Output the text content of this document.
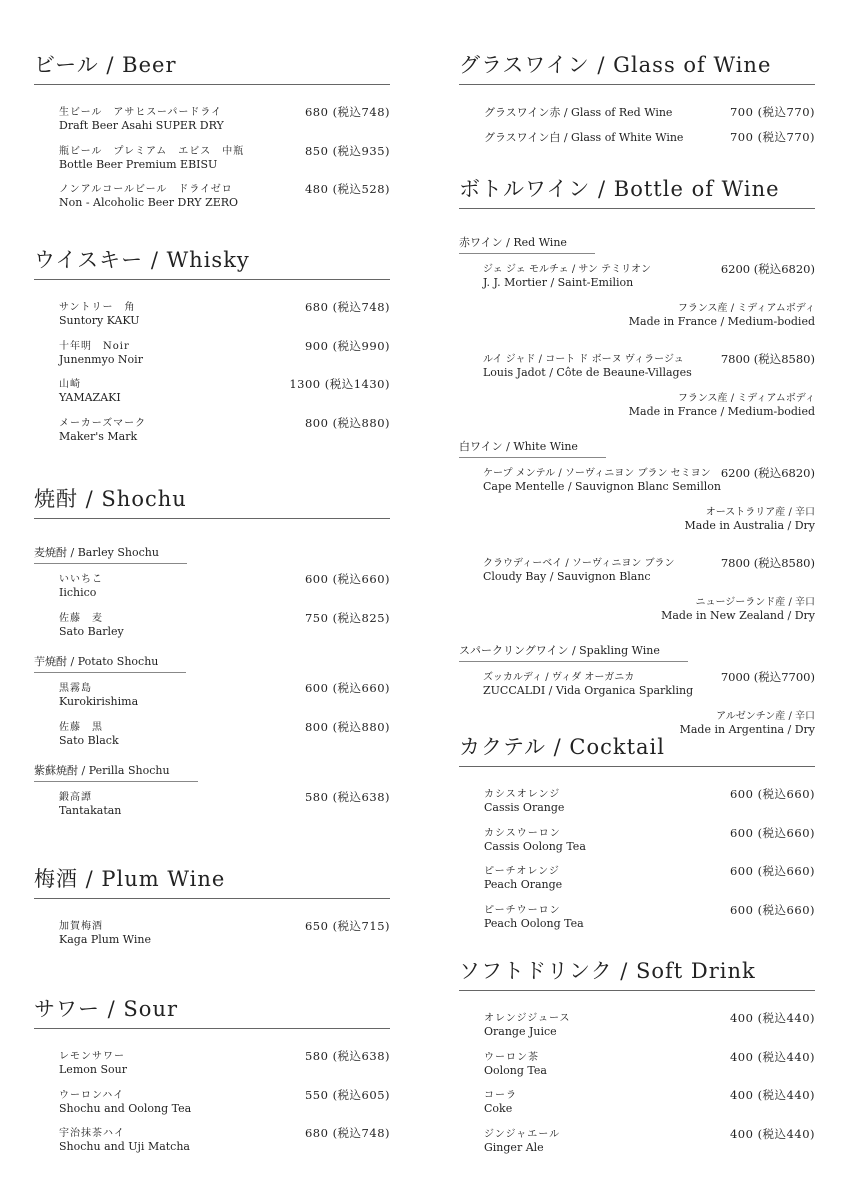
ビール / Beer
生ビール　アサヒスーパードライ
Draft Beer Asahi SUPER DRY
680 (税込748)
瓶ビール　プレミアム　エビス　中瓶
Bottle Beer Premium EBISU
850 (税込935)
ノンアルコールビール　ドライゼロ
Non - Alcoholic Beer DRY ZERO
480 (税込528)
ウイスキー / Whisky
サントリー　角
Suntory KAKU
680 (税込748)
十年明　Noir
Junenmyo Noir
900 (税込990)
山崎
YAMAZAKI
1300 (税込1430)
メーカーズマーク
Maker's Mark
800 (税込880)
焼酎 / Shochu
麦焼酎 / Barley Shochu
いいちこ
Iichico
600 (税込660)
佐藤　麦
Sato Barley
750 (税込825)
芋焼酎 / Potato Shochu
黒霧島
Kurokirishima
600 (税込660)
佐藤　黒
Sato Black
800 (税込880)
紫蘇焼酎 / Perilla Shochu
鍛高譚
Tantakatan
580 (税込638)
梅酒 / Plum Wine
加賀梅酒
Kaga Plum Wine
650 (税込715)
サワー / Sour
レモンサワー
Lemon Sour
580 (税込638)
ウーロンハイ
Shochu and Oolong Tea
550 (税込605)
宇治抹茶ハイ
Shochu and Uji Matcha
680 (税込748)
グラスワイン / Glass of Wine
グラスワイン赤 / Glass of Red Wine	700 (税込770)
グラスワイン白 / Glass of White Wine	700 (税込770)
ボトルワイン / Bottle of Wine
赤ワイン / Red Wine
ジェ ジェ モルチェ / サン テミリオン
J. J. Mortier / Saint-Emilion
6200 (税込6820)
フランス産 / ミディアムボディ
Made in France / Medium-bodied
ルイ ジャド / コート ド ボーヌ ヴィラージュ
Louis Jadot / Côte de Beaune-Villages
7800 (税込8580)
フランス産 / ミディアムボディ
Made in France / Medium-bodied
白ワイン / White Wine
ケープ メンテル / ソーヴィニヨン ブラン セミヨン
Cape Mentelle / Sauvignon Blanc Semillon
6200 (税込6820)
オーストラリア産 / 辛口
Made in Australia / Dry
クラウディーベイ / ソーヴィニヨン ブラン
Cloudy Bay / Sauvignon Blanc
7800 (税込8580)
ニュージーランド産 / 辛口
Made in New Zealand / Dry
スパークリングワイン / Spakling Wine
ズッカルディ / ヴィダ オーガニカ
ZUCCALDI / Vida Organica Sparkling
7000 (税込7700)
アルゼンチン産 / 辛口
Made in Argentina / Dry
カクテル / Cocktail
カシスオレンジ
Cassis Orange
600 (税込660)
カシスウーロン
Cassis Oolong Tea
600 (税込660)
ピーチオレンジ
Peach Orange
600 (税込660)
ピーチウーロン
Peach Oolong Tea
600 (税込660)
ソフトドリンク / Soft Drink
オレンジジュース
Orange Juice
400 (税込440)
ウーロン茶
Oolong Tea
400 (税込440)
コーラ
Coke
400 (税込440)
ジンジャエール
Ginger Ale
400 (税込440)
